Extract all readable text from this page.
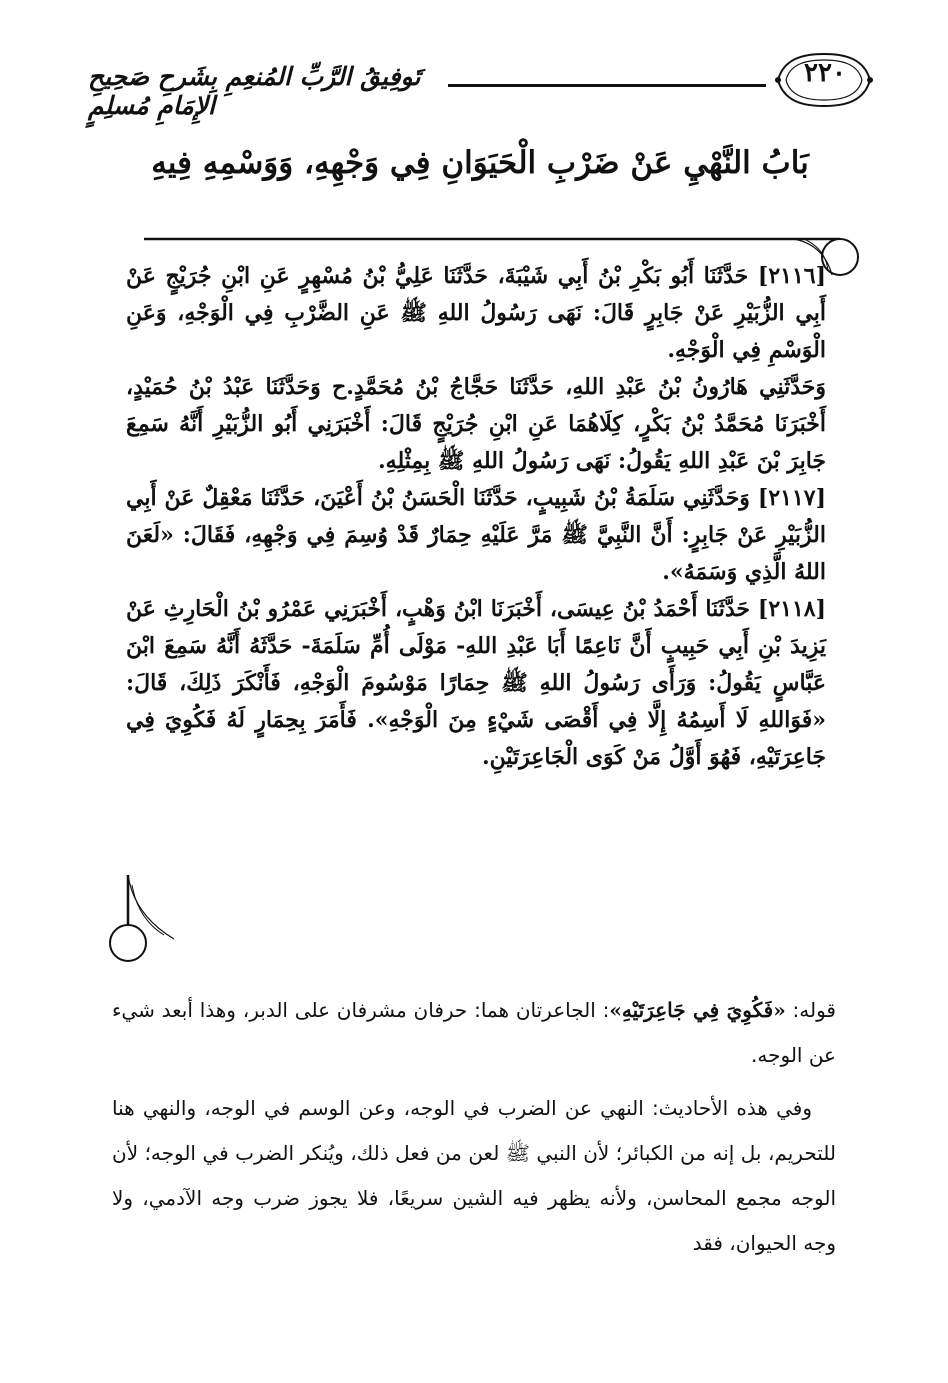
٢٢٠
تَوفِيقُ الرَّبِّ المُنعِمِ بِشَرحِ صَحِيحِ الإِمَامِ مُسلِمٍ
بَابُ النَّهْيِ عَنْ ضَرْبِ الْحَيَوَانِ فِي وَجْهِهِ، وَوَسْمِهِ فِيهِ

[٢١١٦] حَدَّثَنَا أَبُو بَكْرِ بْنُ أَبِي شَيْبَةَ، حَدَّثَنَا عَلِيُّ بْنُ مُسْهِرٍ عَنِ ابْنِ جُرَيْجٍ عَنْ أَبِي الزُّبَيْرِ عَنْ جَابِرٍ قَالَ: نَهَى رَسُولُ اللهِ ﷺ عَنِ الضَّرْبِ فِي الْوَجْهِ، وَعَنِ الْوَسْمِ فِي الْوَجْهِ.

وَحَدَّثَنِي هَارُونُ بْنُ عَبْدِ اللهِ، حَدَّثَنَا حَجَّاجُ بْنُ مُحَمَّدٍ.ح وَحَدَّثَنَا عَبْدُ بْنُ حُمَيْدٍ، أَخْبَرَنَا مُحَمَّدُ بْنُ بَكْرٍ، كِلَاهُمَا عَنِ ابْنِ جُرَيْجٍ قَالَ: أَخْبَرَنِي أَبُو الزُّبَيْرِ أَنَّهُ سَمِعَ جَابِرَ بْنَ عَبْدِ اللهِ يَقُولُ: نَهَى رَسُولُ اللهِ ﷺ بِمِثْلِهِ.

[٢١١٧] وَحَدَّثَنِي سَلَمَةُ بْنُ شَبِيبٍ، حَدَّثَنَا الْحَسَنُ بْنُ أَعْيَنَ، حَدَّثَنَا مَعْقِلٌ عَنْ أَبِي الزُّبَيْرِ عَنْ جَابِرٍ: أَنَّ النَّبِيَّ ﷺ مَرَّ عَلَيْهِ حِمَارٌ قَدْ وُسِمَ فِي وَجْهِهِ، فَقَالَ: «لَعَنَ اللهُ الَّذِي وَسَمَهُ».

[٢١١٨] حَدَّثَنَا أَحْمَدُ بْنُ عِيسَى، أَخْبَرَنَا ابْنُ وَهْبٍ، أَخْبَرَنِي عَمْرُو بْنُ الْحَارِثِ عَنْ يَزِيدَ بْنِ أَبِي حَبِيبٍ أَنَّ نَاعِمًا أَبَا عَبْدِ اللهِ- مَوْلَى أُمِّ سَلَمَةَ- حَدَّثَهُ أَنَّهُ سَمِعَ ابْنَ عَبَّاسٍ يَقُولُ: وَرَأَى رَسُولُ اللهِ ﷺ حِمَارًا مَوْسُومَ الْوَجْهِ، فَأَنْكَرَ ذَلِكَ، قَالَ: «فَوَاللهِ لَا أَسِمُهُ إِلَّا فِي أَقْصَى شَيْءٍ مِنَ الْوَجْهِ». فَأَمَرَ بِحِمَارٍ لَهُ فَكُوِيَ فِي جَاعِرَتَيْهِ، فَهُوَ أَوَّلُ مَنْ كَوَى الْجَاعِرَتَيْنِ.

قوله: «فَكُوِيَ فِي جَاعِرَتَيْهِ»: الجاعرتان هما: حرفان مشرفان على الدبر، وهذا أبعد شيء عن الوجه.

وفي هذه الأحاديث: النهي عن الضرب في الوجه، وعن الوسم في الوجه، والنهي هنا للتحريم، بل إنه من الكبائر؛ لأن النبي ﷺ لعن من فعل ذلك، ويُنكر الضرب في الوجه؛ لأن الوجه مجمع المحاسن، ولأنه يظهر فيه الشين سريعًا، فلا يجوز ضرب وجه الآدمي، ولا وجه الحيوان، فقد
